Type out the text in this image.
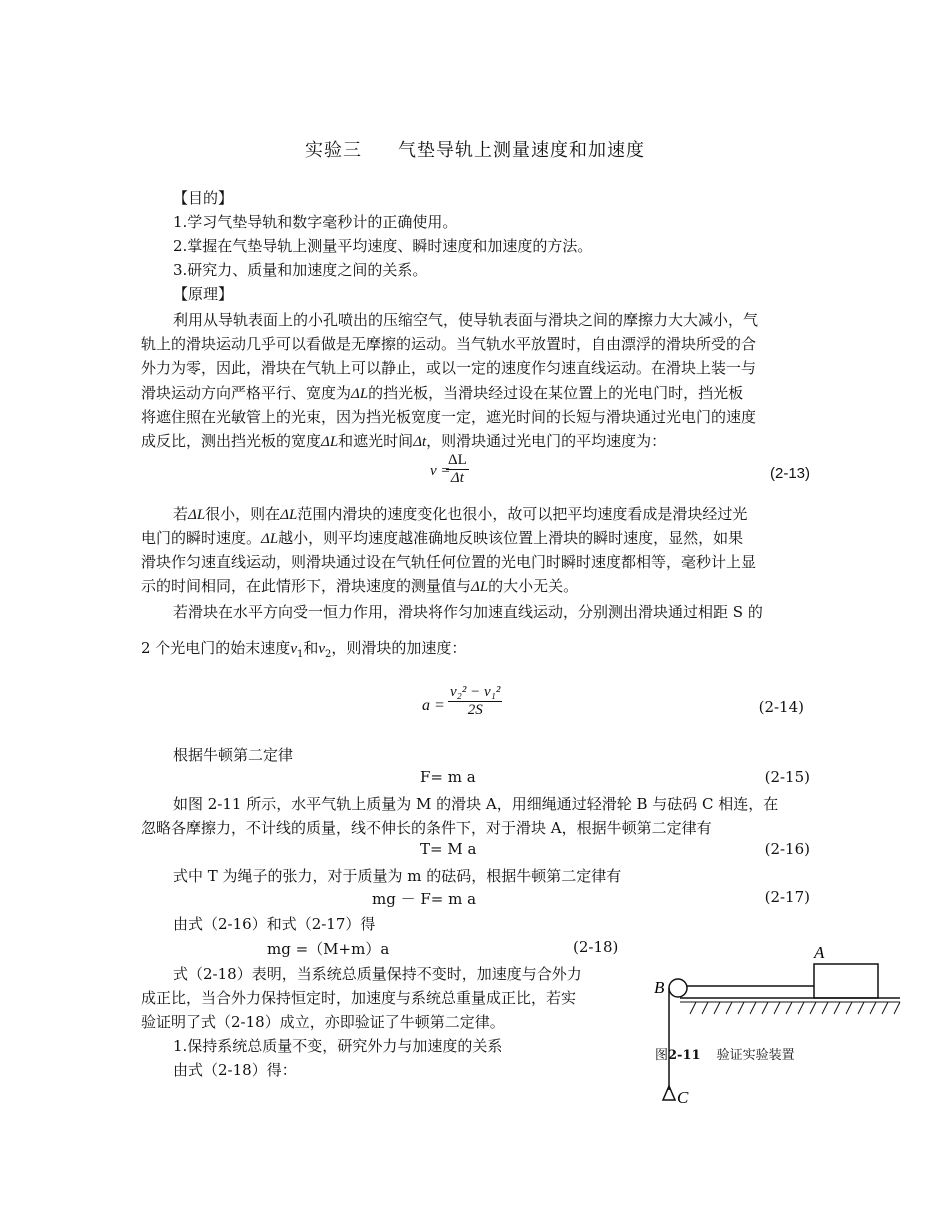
实验三 气垫导轨上测量速度和加速度
【目的】
1.学习气垫导轨和数字毫秒计的正确使用。
2.掌握在气垫导轨上测量平均速度、瞬时速度和加速度的方法。
3.研究力、质量和加速度之间的关系。
【原理】
利用从导轨表面上的小孔喷出的压缩空气，使导轨表面与滑块之间的摩擦力大大减小，气
轨上的滑块运动几乎可以看做是无摩擦的运动。当气轨水平放置时，自由漂浮的滑块所受的合
外力为零，因此，滑块在气轨上可以静止，或以一定的速度作匀速直线运动。在滑块上装一与
滑块运动方向严格平行、宽度为ΔL的挡光板，当滑块经过设在某位置上的光电门时，挡光板
将遮住照在光敏管上的光束，因为挡光板宽度一定，遮光时间的长短与滑块通过光电门的速度
成反比，测出挡光板的宽度ΔL和遮光时间Δt，则滑块通过光电门的平均速度为：
v =
$\frac{\Delta L}{\Delta t}$	(2-13)
若ΔL很小，则在ΔL范围内滑块的速度变化也很小，故可以把平均速度看成是滑块经过光
电门的瞬时速度。ΔL越小，则平均速度越准确地反映该位置上滑块的瞬时速度，显然，如果
滑块作匀速直线运动，则滑块通过设在气轨任何位置的光电门时瞬时速度都相等，毫秒计上显
示的时间相同，在此情形下，滑块速度的测量值与ΔL的大小无关。
若滑块在水平方向受一恒力作用，滑块将作匀加速直线运动，分别测出滑块通过相距 S 的
2 个光电门的始末速度$v_1$和$v_2$，则滑块的加速度：
$a = \frac{\text{v₂² − v₁²}}{2S}$	(2-14)
根据牛顿第二定律
F= m a	(2-15)
如图 2-11 所示，水平气轨上质量为 M 的滑块 A，用细绳通过轻滑轮 B 与砝码 C 相连，在
忽略各摩擦力，不计线的质量，线不伸长的条件下，对于滑块 A，根据牛顿第二定律有
T= M a	(2-16)
式中 T 为绳子的张力，对于质量为 m 的砝码，根据牛顿第二定律有
mg － F= m a	(2-17)
由式（2-16）和式（2-17）得
mg =（M+m）a	(2-18)
式（2-18）表明，当系统总质量保持不变时，加速度与合外力
成正比，当合外力保持恒定时，加速度与系统总重量成正比，若实
验证明了式（2-18）成立，亦即验证了牛顿第二定律。
1.保持系统总质量不变，研究外力与加速度的关系
由式（2-18）得：
A
B
C
图2-11 验证实验装置
